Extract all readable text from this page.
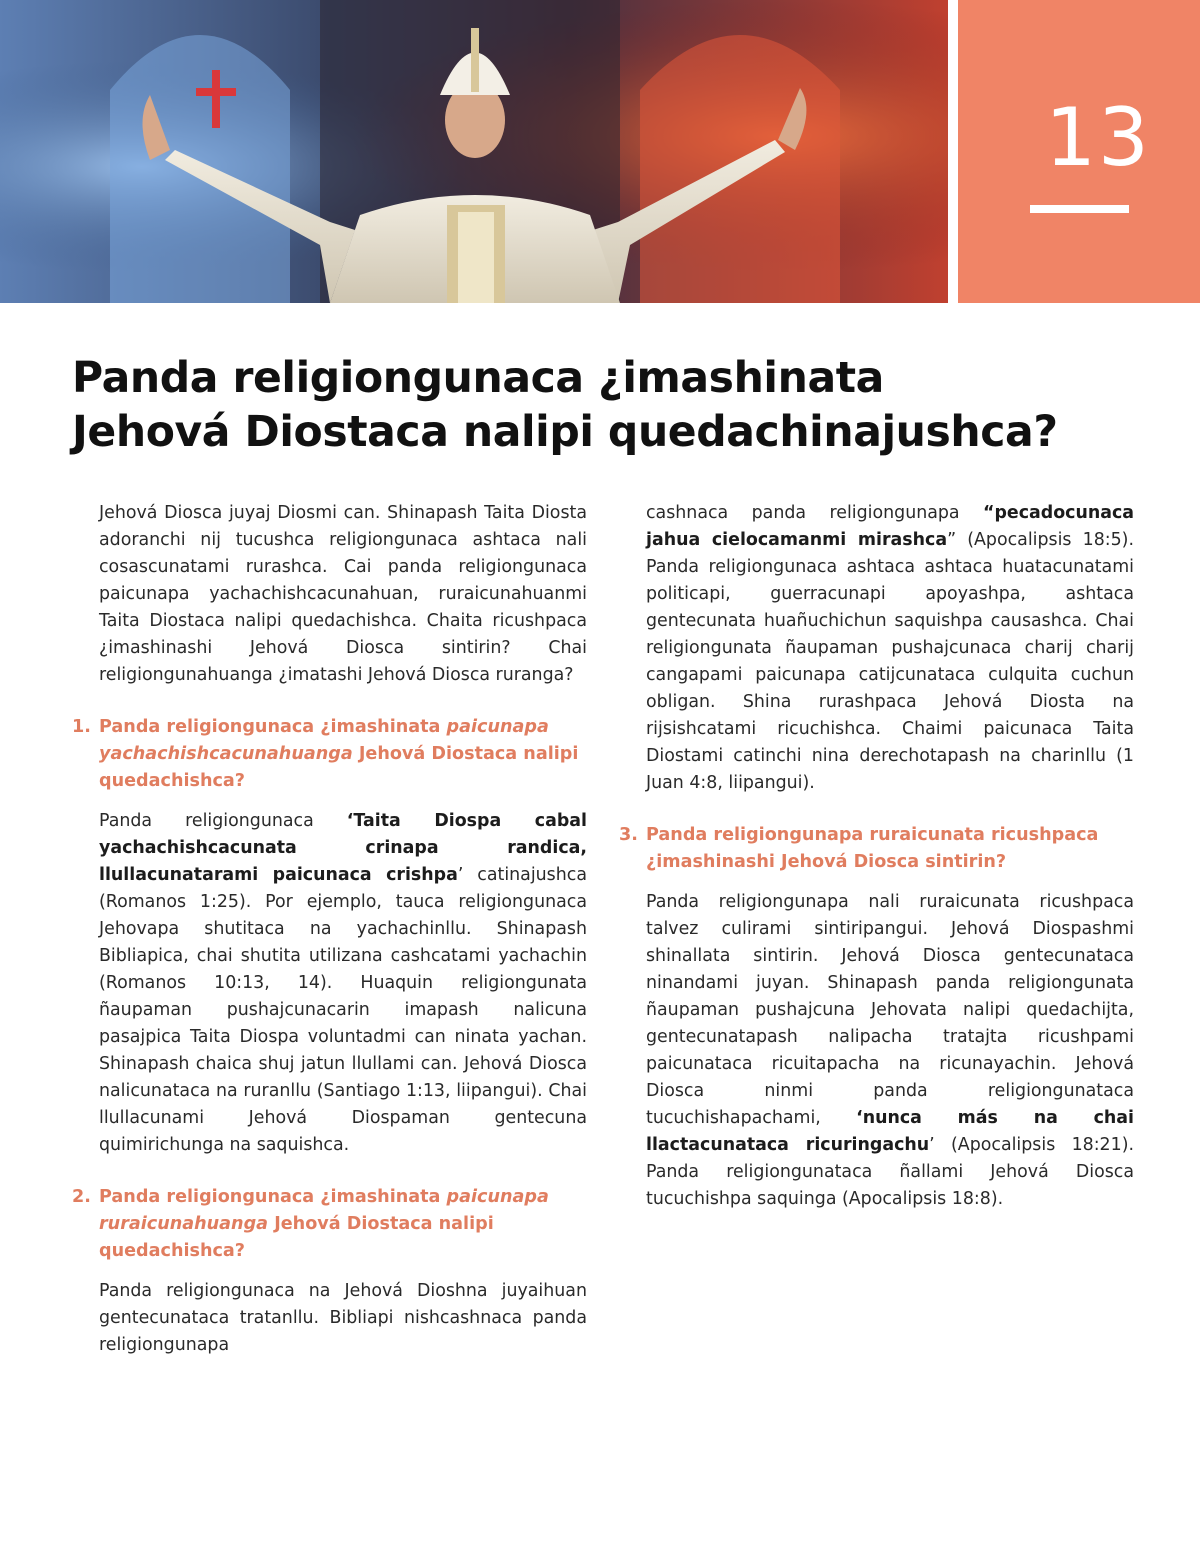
13
Panda religiongunaca ¿imashinata
Jehová Diostaca nalipi quedachinajushca?

Jehová Diosca juyaj Diosmi can. Shinapash Taita Diosta adoranchi nij tucushca religiongunaca ashtaca nali cosascunatami rurashca. Cai panda religiongunaca paicunapa yachachishcacunahuan, ruraicunahuanmi Taita Diostaca nalipi quedachishca. Chaita ricushpaca ¿imashinashi Jehová Diosca sintirin? Chai religiongunahuanga ¿imatashi Jehová Diosca ruranga?

1. Panda religiongunaca ¿imashinata paicunapa yachachishcacunahuanga Jehová Diostaca nalipi quedachishca?

Panda religiongunaca ‘Taita Diospa cabal yachachishcacunata crinapa randica, llullacunatarami paicunaca crishpa’ catinajushca (Romanos 1:25). Por ejemplo, tauca religiongunaca Jehovapa shutitaca na yachachinllu. Shinapash Bibliapica, chai shutita utilizana cashcatami yachachin (Romanos 10:13, 14). Huaquin religiongunata ñaupaman pushajcunacarin imapash nalicuna pasajpica Taita Diospa voluntadmi can ninata yachan. Shinapash chaica shuj jatun llullami can. Jehová Diosca nalicunataca na ruranllu (Santiago 1:13, liipangui). Chai llullacunami Jehová Diospaman gentecuna quimirichunga na saquishca.

2. Panda religiongunaca ¿imashinata paicunapa ruraicunahuanga Jehová Diostaca nalipi quedachishca?

Panda religiongunaca na Jehová Dioshna juyaihuan gentecunataca tratanllu. Bibliapi nishcashnaca panda religiongunapa

cashnaca panda religiongunapa “pecadocunaca jahua cielocamanmi mirashca” (Apocalipsis 18:5). Panda religiongunaca ashtaca ashtaca huatacunatami politicapi, guerracunapi apoyashpa, ashtaca gentecunata huañuchichun saquishpa causashca. Chai religiongunata ñaupaman pushajcunaca charij charij cangapami paicunapa catijcunataca culquita cuchun obligan. Shina rurashpaca Jehová Diosta na rijsishcatami ricuchishca. Chaimi paicunaca Taita Diostami catinchi nina derechotapash na charinllu (1 Juan 4:8, liipangui).

3. Panda religiongunapa ruraicunata ricushpaca ¿imashinashi Jehová Diosca sintirin?

Panda religiongunapa nali ruraicunata ricushpaca talvez culirami sintiripangui. Jehová Diospashmi shinallata sintirin. Jehová Diosca gentecunataca ninandami juyan. Shinapash panda religiongunata ñaupaman pushajcuna Jehovata nalipi quedachijta, gentecunatapash nalipacha tratajta ricushpami paicunataca ricuitapacha na ricunayachin. Jehová Diosca ninmi panda religiongunataca tucuchishapachami, ‘nunca más na chai llactacunataca ricuringachu’ (Apocalipsis 18:21). Panda religiongunataca ñallami Jehová Diosca tucuchishpa saquinga (Apocalipsis 18:8).
